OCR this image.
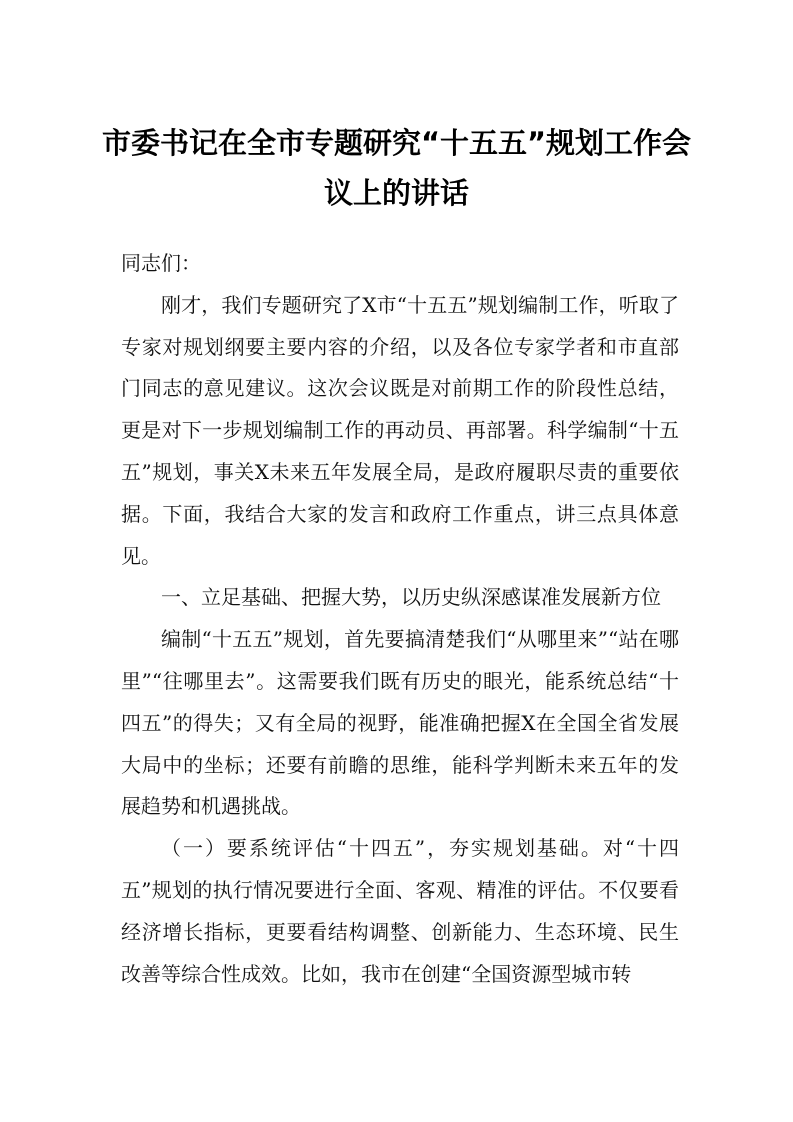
市委书记在全市专题研究“十五五”规划工作会议上的讲话

同志们：

刚才，我们专题研究了X市“十五五”规划编制工作，听取了专家对规划纲要主要内容的介绍，以及各位专家学者和市直部门同志的意见建议。这次会议既是对前期工作的阶段性总结，更是对下一步规划编制工作的再动员、再部署。科学编制“十五五”规划，事关X未来五年发展全局，是政府履职尽责的重要依据。下面，我结合大家的发言和政府工作重点，讲三点具体意见。

一、立足基础、把握大势，以历史纵深感谋准发展新方位

编制“十五五”规划，首先要搞清楚我们“从哪里来”“站在哪里”“往哪里去”。这需要我们既有历史的眼光，能系统总结“十四五”的得失；又有全局的视野，能准确把握X在全国全省发展大局中的坐标；还要有前瞻的思维，能科学判断未来五年的发展趋势和机遇挑战。

（一）要系统评估“十四五”，夯实规划基础。对“十四五”规划的执行情况要进行全面、客观、精准的评估。不仅要看经济增长指标，更要看结构调整、创新能力、生态环境、民生改善等综合性成效。比如，我市在创建“全国资源型城市转
